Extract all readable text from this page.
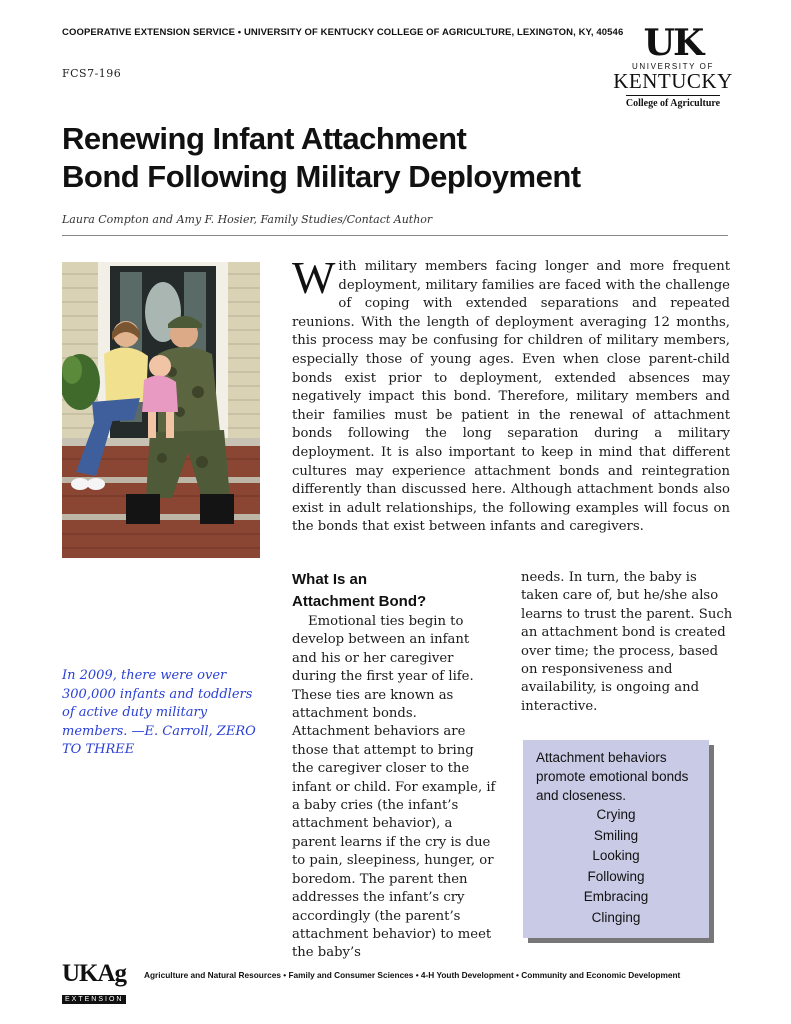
COOPERATIVE EXTENSION SERVICE • UNIVERSITY OF KENTUCKY COLLEGE OF AGRICULTURE, LEXINGTON, KY, 40546
FCS7-196
UK
UNIVERSITY OF
KENTUCKY
College of Agriculture
Renewing Infant Attachment
Bond Following Military Deployment
Laura Compton and Amy F. Hosier, Family Studies/Contact Author
With military members facing longer and more frequent deployment, military families are faced with the challenge of coping with extended separations and repeated reunions. With the length of deployment averaging 12 months, this process may be confusing for children of military members, especially those of young ages. Even when close parent-child bonds exist prior to deployment, extended absences may negatively impact this bond. Therefore, military members and their families must be patient in the renewal of attachment bonds following the long separation during a military deployment. It is also important to keep in mind that different cultures may experience attachment bonds and reintegration differently than discussed here. Although attachment bonds also exist in adult relationships, the following examples will focus on the bonds that exist between infants and caregivers.
What Is an
Attachment Bond?
Emotional ties begin to develop between an infant and his or her caregiver during the first year of life. These ties are known as attachment bonds. Attachment behaviors are those that attempt to bring the caregiver closer to the infant or child. For example, if a baby cries (the infant’s attachment behavior), a parent learns if the cry is due to pain, sleepiness, hunger, or boredom. The parent then addresses the infant’s cry accordingly (the parent’s attachment behavior) to meet the baby’s
needs. In turn, the baby is taken care of, but he/she also learns to trust the parent. Such an attachment bond is created over time; the process, based on responsiveness and availability, is ongoing and interactive.
In 2009, there were over 300,000 infants and toddlers of active duty military members. —E. Carroll, ZERO TO THREE
Attachment behaviors promote emotional bonds and closeness.
Crying
Smiling
Looking
Following
Embracing
Clinging
UKAg
EXTENSION
Agriculture and Natural Resources • Family and Consumer Sciences • 4-H Youth Development • Community and Economic Development
